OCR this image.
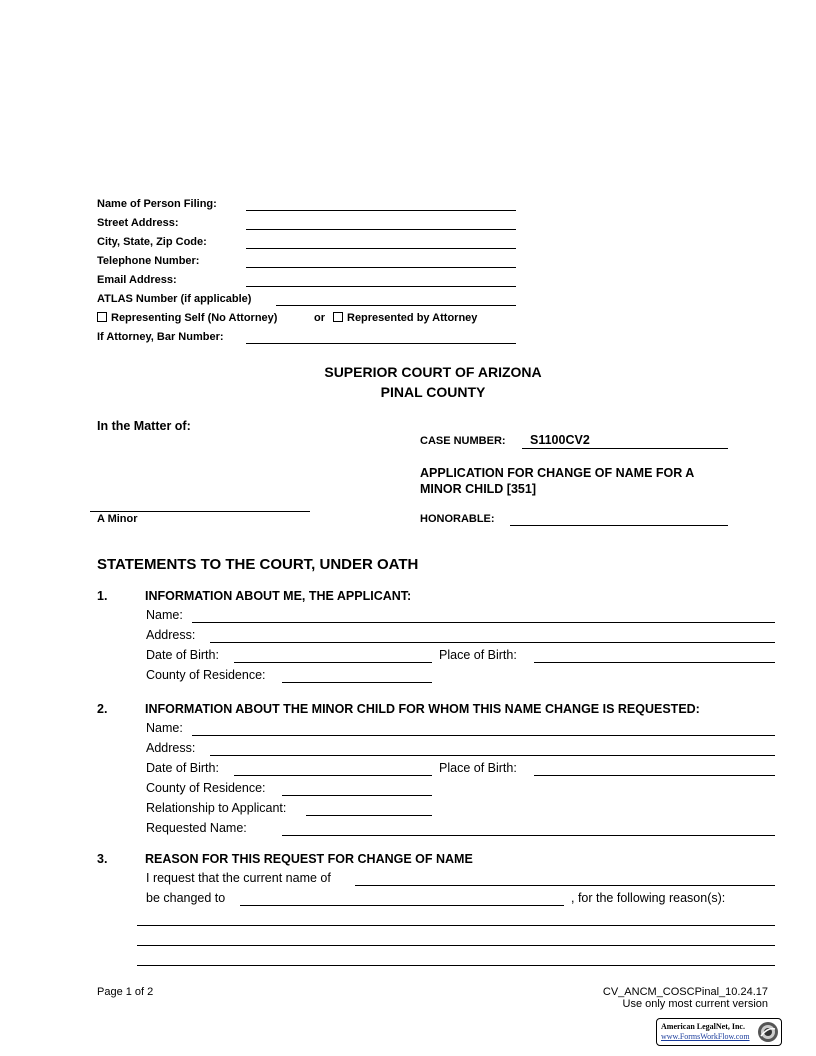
Name of Person Filing:
Street Address:
City, State, Zip Code:
Telephone Number:
Email Address:
ATLAS Number (if applicable)
Representing Self (No Attorney)	or	Represented by Attorney
If Attorney, Bar Number:
SUPERIOR COURT OF ARIZONA
PINAL COUNTY
In the Matter of:
CASE NUMBER: S1100CV2
APPLICATION FOR CHANGE OF NAME FOR A
MINOR CHILD [351]
A Minor	HONORABLE:
STATEMENTS TO THE COURT, UNDER OATH
1.	INFORMATION ABOUT ME, THE APPLICANT:
Name:
Address:
Date of Birth:	Place of Birth:
County of Residence:
2.	INFORMATION ABOUT THE MINOR CHILD FOR WHOM THIS NAME CHANGE IS REQUESTED:
Name:
Address:
Date of Birth:	Place of Birth:
County of Residence:
Relationship to Applicant:
Requested Name:
3.	REASON FOR THIS REQUEST FOR CHANGE OF NAME
I request that the current name of
be changed to	, for the following reason(s):
Page 1 of 2	CV_ANCM_COSCPinal_10.24.17
Use only most current version
American LegalNet, Inc.
www.FormsWorkFlow.com
